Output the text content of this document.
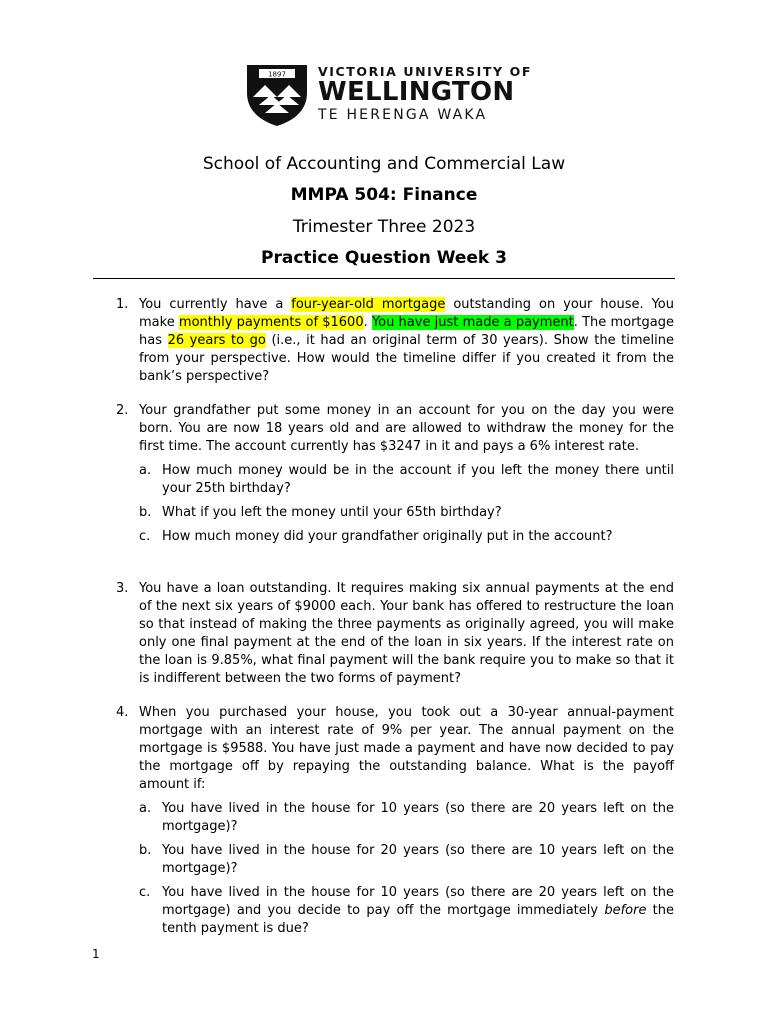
1897	VICTORIA UNIVERSITY OF
WELLINGTON
TE HERENGA WAKA
School of Accounting and Commercial Law
MMPA 504: Finance
Trimester Three 2023
Practice Question Week 3
1. You currently have a four-year-old mortgage outstanding on your house. You make monthly payments of $1600. You have just made a payment. The mortgage has 26 years to go (i.e., it had an original term of 30 years). Show the timeline from your perspective. How would the timeline differ if you created it from the bank’s perspective?

2. Your grandfather put some money in an account for you on the day you were born. You are now 18 years old and are allowed to withdraw the money for the first time. The account currently has $3247 in it and pays a 6% interest rate.

a. How much money would be in the account if you left the money there until your 25th birthday?

b. What if you left the money until your 65th birthday?

c. How much money did your grandfather originally put in the account?

3. You have a loan outstanding. It requires making six annual payments at the end of the next six years of $9000 each. Your bank has offered to restructure the loan so that instead of making the three payments as originally agreed, you will make only one final payment at the end of the loan in six years. If the interest rate on the loan is 9.85%, what final payment will the bank require you to make so that it is indifferent between the two forms of payment?

4. When you purchased your house, you took out a 30-year annual-payment mortgage with an interest rate of 9% per year. The annual payment on the mortgage is $9588. You have just made a payment and have now decided to pay the mortgage off by repaying the outstanding balance. What is the payoff amount if:

a. You have lived in the house for 10 years (so there are 20 years left on the mortgage)?

b. You have lived in the house for 20 years (so there are 10 years left on the mortgage)?

c. You have lived in the house for 10 years (so there are 20 years left on the mortgage) and you decide to pay off the mortgage immediately before the tenth payment is due?

1
